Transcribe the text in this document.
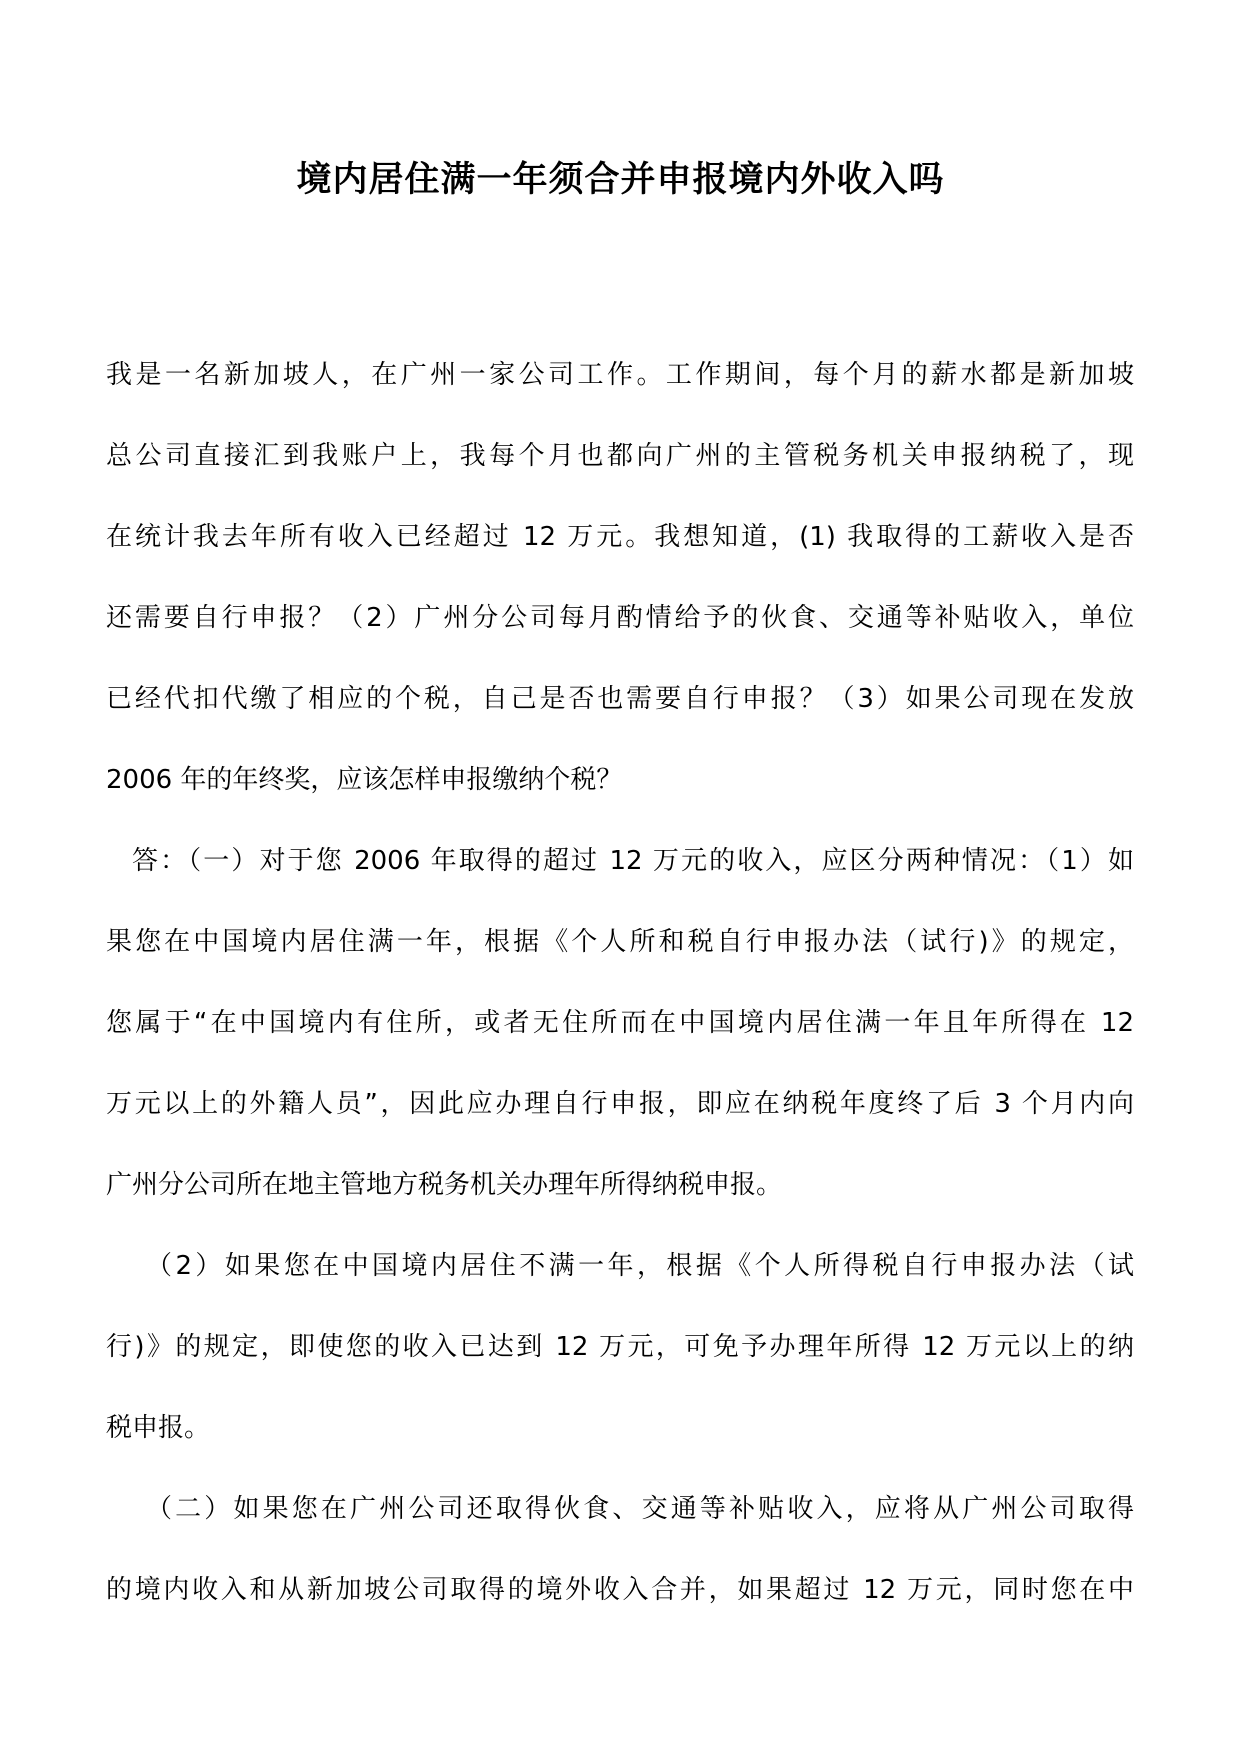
境内居住满一年须合并申报境内外收入吗
我是一名新加坡人，在广州一家公司工作。工作期间，每个月的薪水都是新加坡
总公司直接汇到我账户上，我每个月也都向广州的主管税务机关申报纳税了，现
在统计我去年所有收入已经超过 12 万元。我想知道，(1) 我取得的工薪收入是否
还需要自行申报？（2）广州分公司每月酌情给予的伙食、交通等补贴收入，单位
已经代扣代缴了相应的个税，自己是否也需要自行申报？（3）如果公司现在发放
2006 年的年终奖，应该怎样申报缴纳个税？
答：（一）对于您 2006 年取得的超过 12 万元的收入，应区分两种情况：（1）如
果您在中国境内居住满一年，根据《个人所和税自行申报办法（试行)》的规定，
您属于“在中国境内有住所，或者无住所而在中国境内居住满一年且年所得在 12
万元以上的外籍人员”，因此应办理自行申报，即应在纳税年度终了后 3 个月内向
广州分公司所在地主管地方税务机关办理年所得纳税申报。
（2）如果您在中国境内居住不满一年，根据《个人所得税自行申报办法（试
行)》的规定，即使您的收入已达到 12 万元，可免予办理年所得 12 万元以上的纳
税申报。
（二）如果您在广州公司还取得伙食、交通等补贴收入，应将从广州公司取得
的境内收入和从新加坡公司取得的境外收入合并，如果超过 12 万元，同时您在中
